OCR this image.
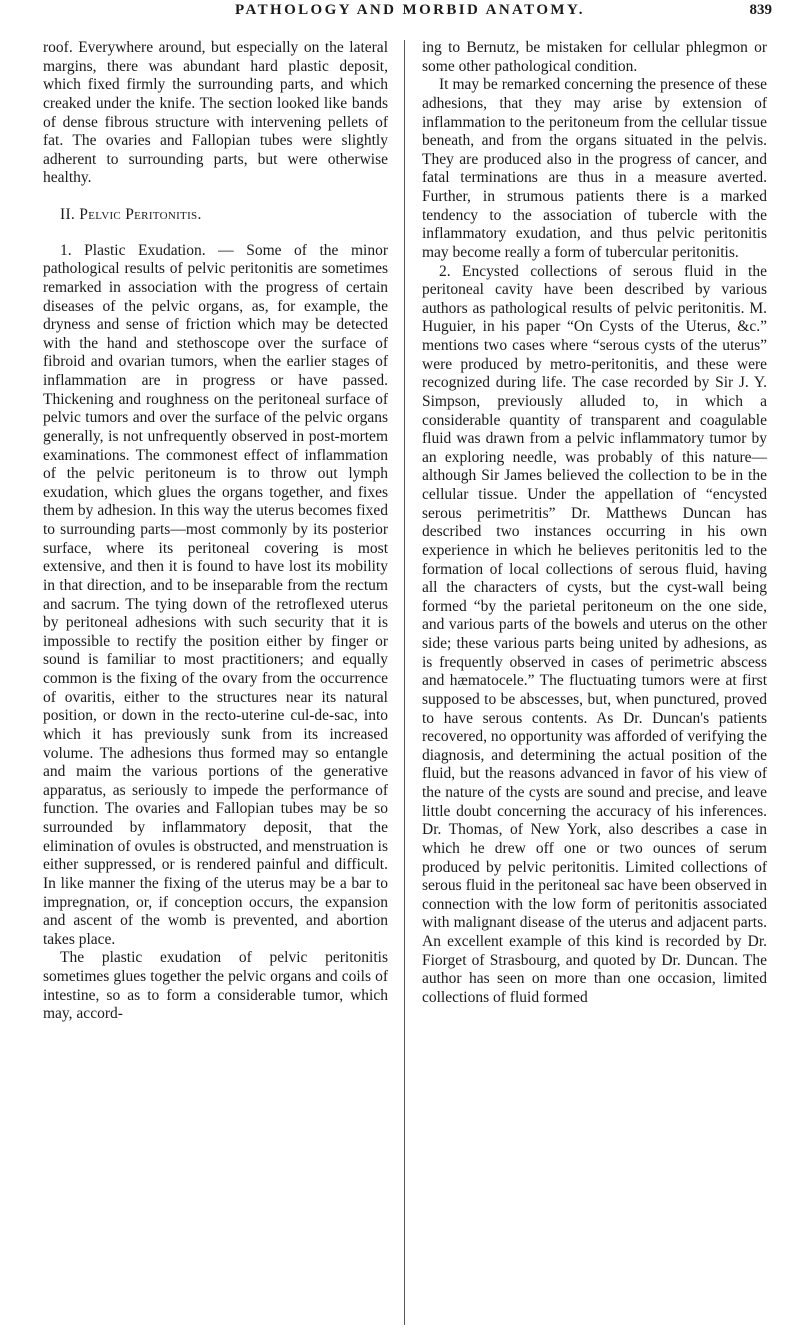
PATHOLOGY AND MORBID ANATOMY.	839

roof. Everywhere around, but especially on the lateral margins, there was abundant hard plastic deposit, which fixed firmly the surrounding parts, and which creaked under the knife. The section looked like bands of dense fibrous structure with intervening pellets of fat. The ovaries and Fallopian tubes were slightly adherent to surrounding parts, but were otherwise healthy.

II. Pelvic Peritonitis.

1. Plastic Exudation. — Some of the minor pathological results of pelvic peritonitis are sometimes remarked in association with the progress of certain diseases of the pelvic organs, as, for example, the dryness and sense of friction which may be detected with the hand and stethoscope over the surface of fibroid and ovarian tumors, when the earlier stages of inflammation are in progress or have passed. Thickening and roughness on the peritoneal surface of pelvic tumors and over the surface of the pelvic organs generally, is not unfrequently observed in post-mortem examinations. The commonest effect of inflammation of the pelvic peritoneum is to throw out lymph exudation, which glues the organs together, and fixes them by adhesion. In this way the uterus becomes fixed to surrounding parts—most commonly by its posterior surface, where its peritoneal covering is most extensive, and then it is found to have lost its mobility in that direction, and to be inseparable from the rectum and sacrum. The tying down of the retroflexed uterus by peritoneal adhesions with such security that it is impossible to rectify the position either by finger or sound is familiar to most practitioners; and equally common is the fixing of the ovary from the occurrence of ovaritis, either to the structures near its natural position, or down in the recto-uterine cul-de-sac, into which it has previously sunk from its increased volume. The adhesions thus formed may so entangle and maim the various portions of the generative apparatus, as seriously to impede the performance of function. The ovaries and Fallopian tubes may be so surrounded by inflammatory deposit, that the elimination of ovules is obstructed, and menstruation is either suppressed, or is rendered painful and difficult. In like manner the fixing of the uterus may be a bar to impregnation, or, if conception occurs, the expansion and ascent of the womb is prevented, and abortion takes place.

The plastic exudation of pelvic peritonitis sometimes glues together the pelvic organs and coils of intestine, so as to form a considerable tumor, which may, accord-

ing to Bernutz, be mistaken for cellular phlegmon or some other pathological condition.

It may be remarked concerning the presence of these adhesions, that they may arise by extension of inflammation to the peritoneum from the cellular tissue beneath, and from the organs situated in the pelvis. They are produced also in the progress of cancer, and fatal terminations are thus in a measure averted. Further, in strumous patients there is a marked tendency to the association of tubercle with the inflammatory exudation, and thus pelvic peritonitis may become really a form of tubercular peritonitis.

2. Encysted collections of serous fluid in the peritoneal cavity have been described by various authors as pathological results of pelvic peritonitis. M. Huguier, in his paper “On Cysts of the Uterus, &c.” mentions two cases where “serous cysts of the uterus” were produced by metro-peritonitis, and these were recognized during life. The case recorded by Sir J. Y. Simpson, previously alluded to, in which a considerable quantity of transparent and coagulable fluid was drawn from a pelvic inflammatory tumor by an exploring needle, was probably of this nature—although Sir James believed the collection to be in the cellular tissue. Under the appellation of “encysted serous perimetritis” Dr. Matthews Duncan has described two instances occurring in his own experience in which he believes peritonitis led to the formation of local collections of serous fluid, having all the characters of cysts, but the cyst-wall being formed “by the parietal peritoneum on the one side, and various parts of the bowels and uterus on the other side; these various parts being united by adhesions, as is frequently observed in cases of perimetric abscess and hæmatocele.” The fluctuating tumors were at first supposed to be abscesses, but, when punctured, proved to have serous contents. As Dr. Duncan's patients recovered, no opportunity was afforded of verifying the diagnosis, and determining the actual position of the fluid, but the reasons advanced in favor of his view of the nature of the cysts are sound and precise, and leave little doubt concerning the accuracy of his inferences. Dr. Thomas, of New York, also describes a case in which he drew off one or two ounces of serum produced by pelvic peritonitis. Limited collections of serous fluid in the peritoneal sac have been observed in connection with the low form of peritonitis associated with malignant disease of the uterus and adjacent parts. An excellent example of this kind is recorded by Dr. Fiorget of Strasbourg, and quoted by Dr. Duncan. The author has seen on more than one occasion, limited collections of fluid formed
